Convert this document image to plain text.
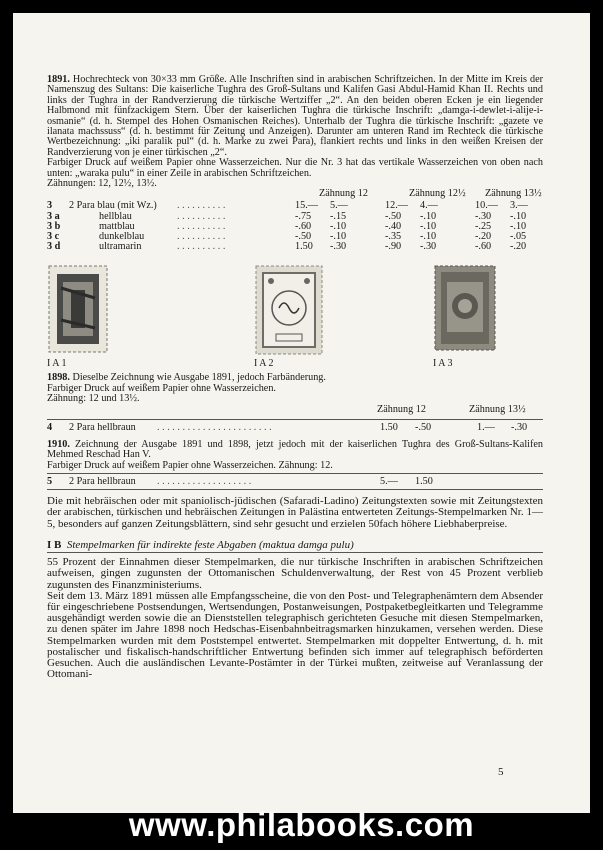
1891. Hochrechteck von 30×33 mm Größe. Alle Inschriften sind in arabischen Schriftzeichen. In der Mitte im Kreis der Namenszug des Sultans: Die kaiserliche Tughra des Groß-Sultans und Kalifen Gasi Abdul-Hamid Khan II. Rechts und links der Tughra in der Randverzierung die türkische Wertziffer „2“. An den beiden oberen Ecken je ein liegender Halbmond mit fünfzackigem Stern. Über der kaiserlichen Tughra die türkische Inschrift: „damga-i-dewlet-i-alije-i-osmanie“ (d. h. Stempel des Hohen Osmanischen Reiches). Unterhalb der Tughra die türkische Inschrift: „gazete ve ilanata machssuss“ (d. h. bestimmt für Zeitung und Anzeigen). Darunter am unteren Rand im Rechteck die türkische Wertbezeichnung: „iki paralik pul“ (d. h. Marke zu zwei Para), flankiert rechts und links in den weißen Kreisen der Randverzierung von je einer türkischen „2“.
Farbiger Druck auf weißem Papier ohne Wasserzeichen. Nur die Nr. 3 hat das vertikale Wasserzeichen von oben nach unten: „waraka pulu“ in einer Zeile in arabischen Schriftzeichen.
Zähnungen: 12, 12½, 13½.

Zähnung 12	Zähnung 12½ Zähnung 13½
3 2 Para blau (mit Wz.) . . . . . . . . . .	15.— 5.—	12.— 4.—	10.— 3.—
3 a	hellblau	. . . . . . . . . .	-.75 -.15	-.50 -.10	-.30 -.10
3 b	mattblau	. . . . . . . . . .	-.60 -.10	-.40 -.10	-.25 -.10
3 c	dunkelblau	. . . . . . . . . .	-.50 -.10	-.35 -.10	-.20 -.05
3 d	ultramarin	. . . . . . . . . .	1.50 -.30	-.90 -.30	-.60 -.20
I A 1	I A 2	I A 3

1898. Dieselbe Zeichnung wie Ausgabe 1891, jedoch Farbänderung.
Farbiger Druck auf weißem Papier ohne Wasserzeichen.
Zähnung: 12 und 13½.

Zähnung 12	Zähnung 13½
4 2 Para hellbraun . . . . . . . . . . . . . . . . . . . . . . .	1.50 -.50	1.— -.30

1910. Zeichnung der Ausgabe 1891 und 1898, jetzt jedoch mit der kaiserlichen Tughra des Groß-Sultans-Kalifen Mehmed Reschad Han V.
Farbiger Druck auf weißem Papier ohne Wasserzeichen. Zähnung: 12.

5 2 Para hellbraun . . . . . . . . . . . . . . . . . . .	5.— 1.50

Die mit hebräischen oder mit spaniolisch-jüdischen (Safaradi-Ladino) Zeitungstexten sowie mit Zeitungstexten der arabischen, türkischen und hebräischen Zeitungen in Palästina entwerteten Zeitungs-Stempelmarken Nr. 1—5, besonders auf ganzen Zeitungsblättern, sind sehr gesucht und erzielen 50fach höhere Liebhaberpreise.

I B Stempelmarken für indirekte feste Abgaben (maktua damga pulu)

55 Prozent der Einnahmen dieser Stempelmarken, die nur türkische Inschriften in arabischen Schriftzeichen aufweisen, gingen zugunsten der Ottomanischen Schuldenverwaltung, der Rest von 45 Prozent verblieb zugunsten des Finanzministeriums.

Seit dem 13. März 1891 müssen alle Empfangsscheine, die von den Post- und Telegraphenämtern dem Absender für eingeschriebene Postsendungen, Wertsendungen, Postanweisungen, Postpaketbegleitkarten und Telegramme ausgehändigt werden sowie die an Dienststellen telegraphisch gerichteten Gesuche mit diesen Stempelmarken, zu denen später im Jahre 1898 noch Hedschas-Eisenbahnbeitragsmarken hinzukamen, versehen werden. Diese Stempelmarken wurden mit dem Poststempel entwertet. Stempelmarken mit doppelter Entwertung, d. h. mit postalischer und fiskalisch-handschriftlicher Entwertung befinden sich immer auf telegraphisch beförderten Gesuchen. Auch die ausländischen Levante-Postämter in der Türkei mußten, zeitweise auf Veranlassung der Ottomani-

5
www.philabooks.com
